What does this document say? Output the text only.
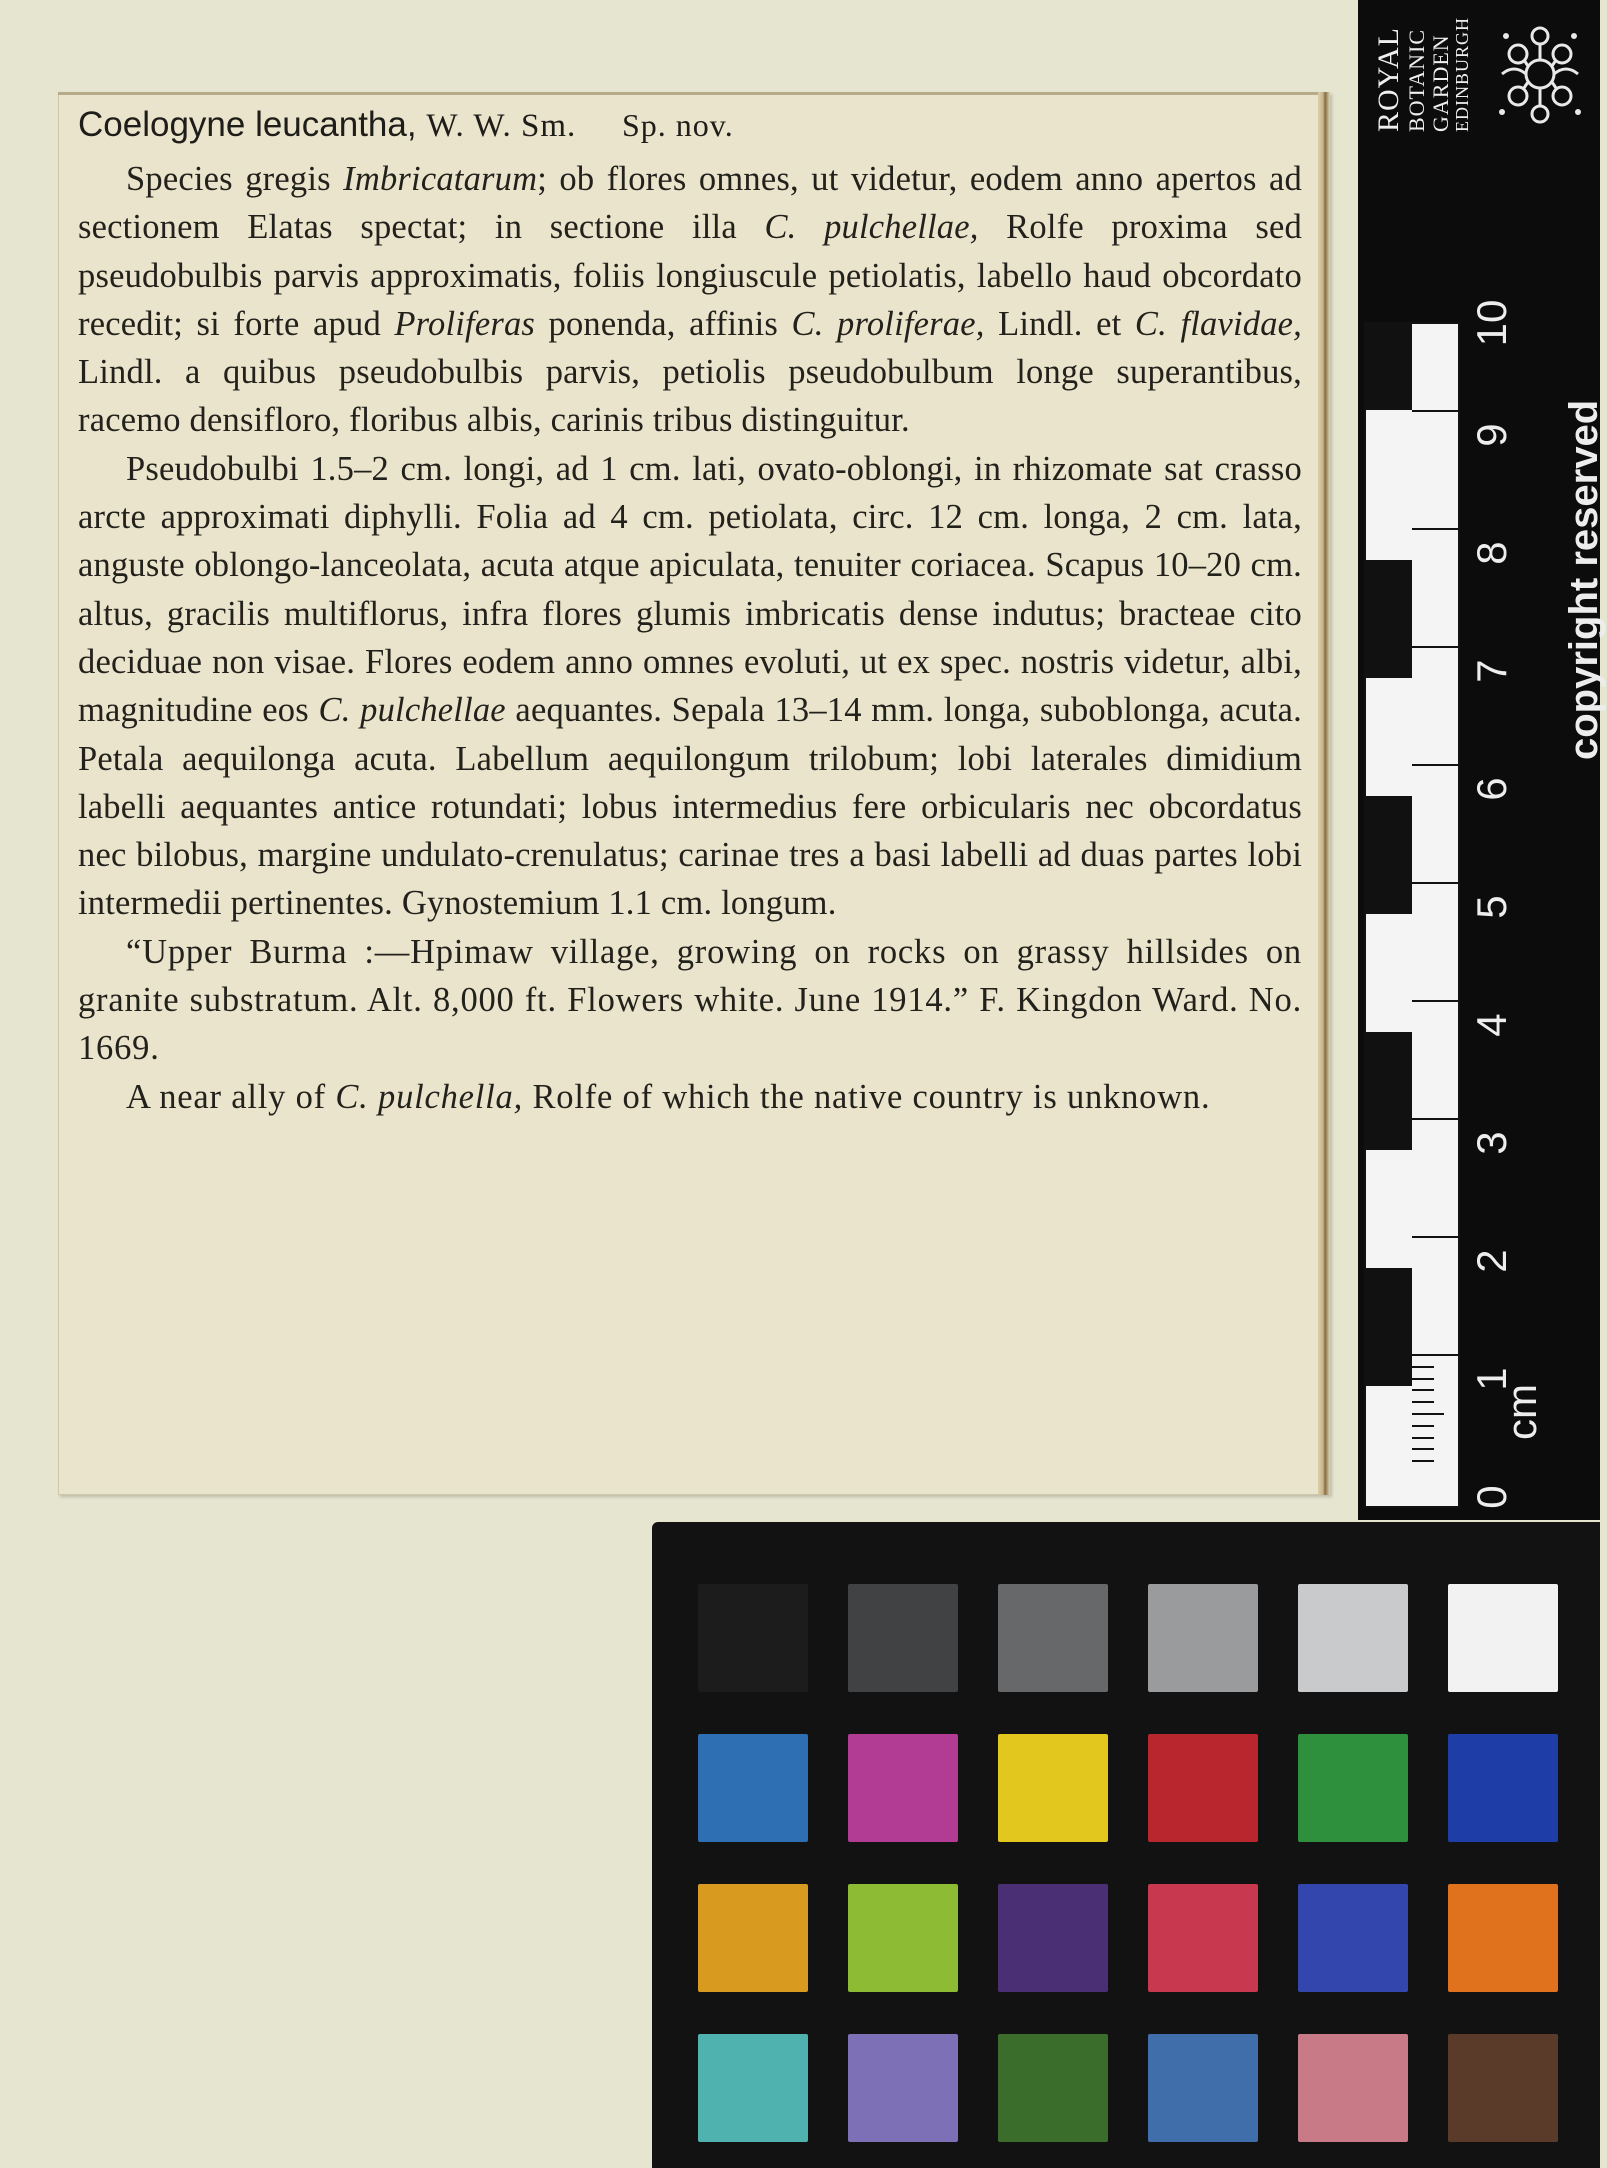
Coelogyne leucantha, W. W. Sm. Sp. nov.

Species gregis Imbricatarum; ob flores omnes, ut videtur, eodem anno apertos ad sectionem Elatas spectat; in sectione illa C. pulchellae, Rolfe proxima sed pseudobulbis parvis approximatis, foliis longiuscule petiolatis, labello haud obcordato recedit; si forte apud Proliferas ponenda, affinis C. proliferae, Lindl. et C. flavidae, Lindl. a quibus pseudobulbis parvis, petiolis pseudobulbum longe superantibus, racemo densifloro, floribus albis, carinis tribus distinguitur.

Pseudobulbi 1.5–2 cm. longi, ad 1 cm. lati, ovato-oblongi, in rhizomate sat crasso arcte approximati diphylli. Folia ad 4 cm. petiolata, circ. 12 cm. longa, 2 cm. lata, anguste oblongo-lanceolata, acuta atque apiculata, tenuiter coriacea. Scapus 10–20 cm. altus, gracilis multiflorus, infra flores glumis imbricatis dense indutus; bracteae cito deciduae non visae. Flores eodem anno omnes evoluti, ut ex spec. nostris videtur, albi, magnitudine eos C. pulchellae aequantes. Sepala 13–14 mm. longa, suboblonga, acuta. Petala aequilonga acuta. Labellum aequilongum trilobum; lobi laterales dimidium labelli aequantes antice rotundati; lobus intermedius fere orbicularis nec obcordatus nec bilobus, margine undulato-crenulatus; carinae tres a basi labelli ad duas partes lobi intermedii pertinentes. Gynostemium 1.1 cm. longum.

“Upper Burma :—Hpimaw village, growing on rocks on grassy hillsides on granite substratum. Alt. 8,000 ft. Flowers white. June 1914.” F. Kingdon Ward. No. 1669.

A near ally of C. pulchella, Rolfe of which the native country is unknown.

ROYAL BOTANIC GARDEN EDINBURGH
0
1
2
3
4
5
6
7
8
9
10
cm
copyright reserved
